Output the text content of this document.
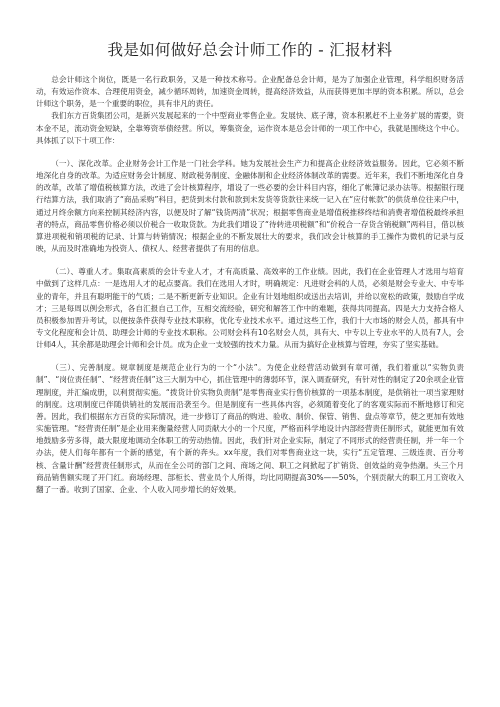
我是如何做好总会计师工作的 - 汇报材料

总会计师这个岗位，既是一名行政职务，又是一种技术称号。企业配备总会计师，是为了加强企业管理，科学组织财务活动，有效运作资本、合理使用资金，减少循环周转，加速资金周转，提高经济效益，从而获得更加丰厚的资本积累。所以，总会计师这个职务，是一个重要的职位，具有非凡的责任。

我们东方百货集团公司，是新兴发展起来的一个中型商业零售企业。发展快、底子薄，资本积累赶不上业务扩展的需要，资本金不足，流动资金短缺，全靠筹资举债经营。所以，筹集资金，运作资本是总会计师的一项工作中心，我就是围绕这个中心。具体抓了以下十项工作：

（一）、深化改革。企业财务会计工作是一门社会学科。她为发展社会生产力和提高企业经济效益服务。因此，它必须不断地深化自身的改革。为适应财务会计制度、财政税务制度、金融体制和企业经济体制改革的需要。近年来，我们不断地深化自身的改革，改革了增值税核算方法，改进了会计核算程序，增设了一些必要的会计科目内容，细化了帐簿记录办法等。根据银行现行结算方法，我们取消了“商品采购”科目，把货到未付款和款到未发货等货款往来统一记入在“应付帐款”的供货单位往来户中，通过月终余额方向来控制其经济内容，以便及时了解“钱货两清”状况；根据零售商业是增值税推移终结和消费者增值税最终承担者的特点，商品零售价格必须以价税合一收取货款。为此我们增设了“待转进项税额”和“价税合一存货含销税额”两科目，借以核算进项税和销项税的记录、计算与转销情况；根据企业的不断发展壮大的要求，我们改会计核算的手工操作为微机的记录与反映，从而及时准确地为投资人、债权人、经营者提供了有用的信息。

（二）、尊重人才。集取高素质的会计专业人才，才有高质量、高效率的工作业绩。因此，我们在企业管理人才选用与培育中做到了这样几点：一是选用人才的起点要高。我们在选用人才时，明确规定：凡进财会科的人员，必须是财会专业大、中专毕业的青年，并且有聪明能干的气质；二是不断更新专业知识。企业有计划地组织或送出去培训，并给以宽松的政策，鼓励自学成才；三是每周以例会形式，各自汇报自己工作，互相交流经验，研究和解答工作中的难题，获得共同提高。四是大力支持合格人员积极参加晋升考试，以便按条件获得专业技术职称，优化专业技术水平。通过这些工作，我们十大市场的财会人员，都具有中专文化程度和会计员、助理会计师的专业技术职称。公司财会科有10名财会人员，具有大、中专以上专业水平的人员有7人，会计师4人，其余都是助理会计师和会计员。成为企业一支较强的技术力量。从而为搞好企业核算与管理，夯实了坚实基础。

（三）、完善制度。规章制度是规范企业行为的一个“小法”。为使企业经营活动做到有章可循，我们着重以“实物负责制”、“岗位责任制”、“经营责任制”这三大制为中心，抓住管理中的薄弱环节，深入调查研究，有针对性的制定了20余项企业管理制度，并汇编成册，以利贯彻实施。“拨货计价实物负责制”是零售商业实行售价核算的一项基本制度，是供销社一项当家理财的制度。这项制度已伴随供销社的发展而沿袭至今。但是制度有一些具体内容，必须随着变化了的客观实际而不断地修订和完善。因此，我们根据东方百货的实际情况，进一步修订了商品的购进、验收、制价、保管、销售、盘点等章节，使之更加有效地实施管理。“经营责任制”是企业用来衡量经营人同贡献大小的一个尺度，严格而科学地设计内部经营责任制形式，就能更加有效地鼓励多劳多得，最大限度地调动全体职工的劳动热情。因此，我们针对企业实际，制定了不同形式的经营责任制，并一年一个办法，使人们每年都有一个新的感觉，有个新的奔头。xx年度，我们对零售商业这一块，实行“五定管理、三级连责、百分考核、含量计酬”经营责任制形式，从而在全公司的部门之间、商场之间、职工之间掀起了扩销货、创效益的竞争热潮。头三个月商品销售额实现了开门红。商场经理、部柜长、营业员个人所得，均比同期提高30%——50%，个别贡献大的职工月工资收入翻了一番。收到了国家、企业、个人收入同步增长的好效果。
